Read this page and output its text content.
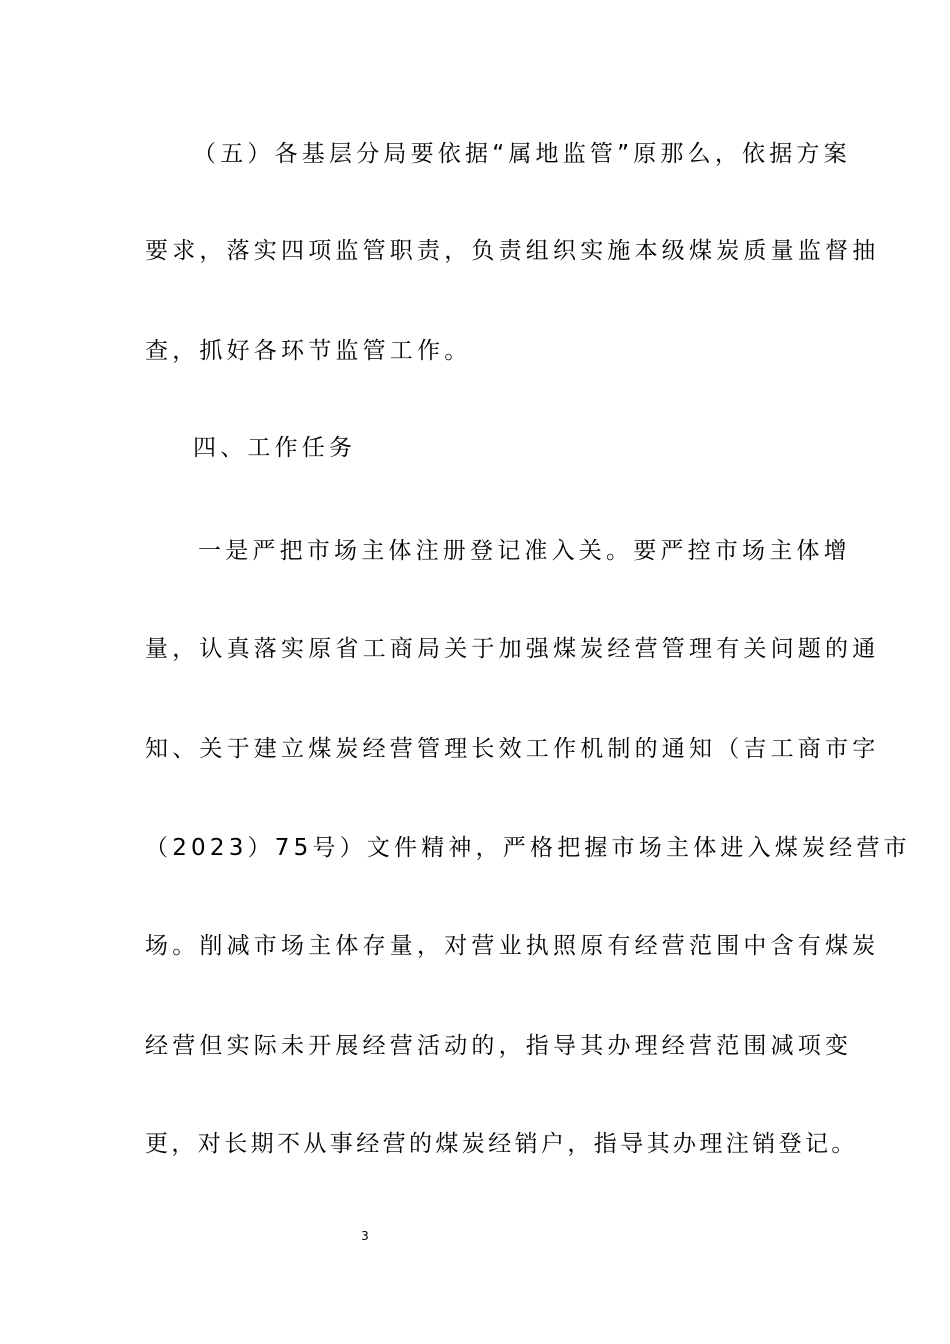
（五）各基层分局要依据“属地监管”原那么，依据方案
要求，落实四项监管职责，负责组织实施本级煤炭质量监督抽
查，抓好各环节监管工作。
四、工作任务
一是严把市场主体注册登记准入关。要严控市场主体增
量，认真落实原省工商局关于加强煤炭经营管理有关问题的通
知、关于建立煤炭经营管理长效工作机制的通知（吉工商市字
（2023）75号）文件精神，严格把握市场主体进入煤炭经营市
场。削减市场主体存量，对营业执照原有经营范围中含有煤炭
经营但实际未开展经营活动的，指导其办理经营范围减项变
更，对长期不从事经营的煤炭经销户，指导其办理注销登记。
3
